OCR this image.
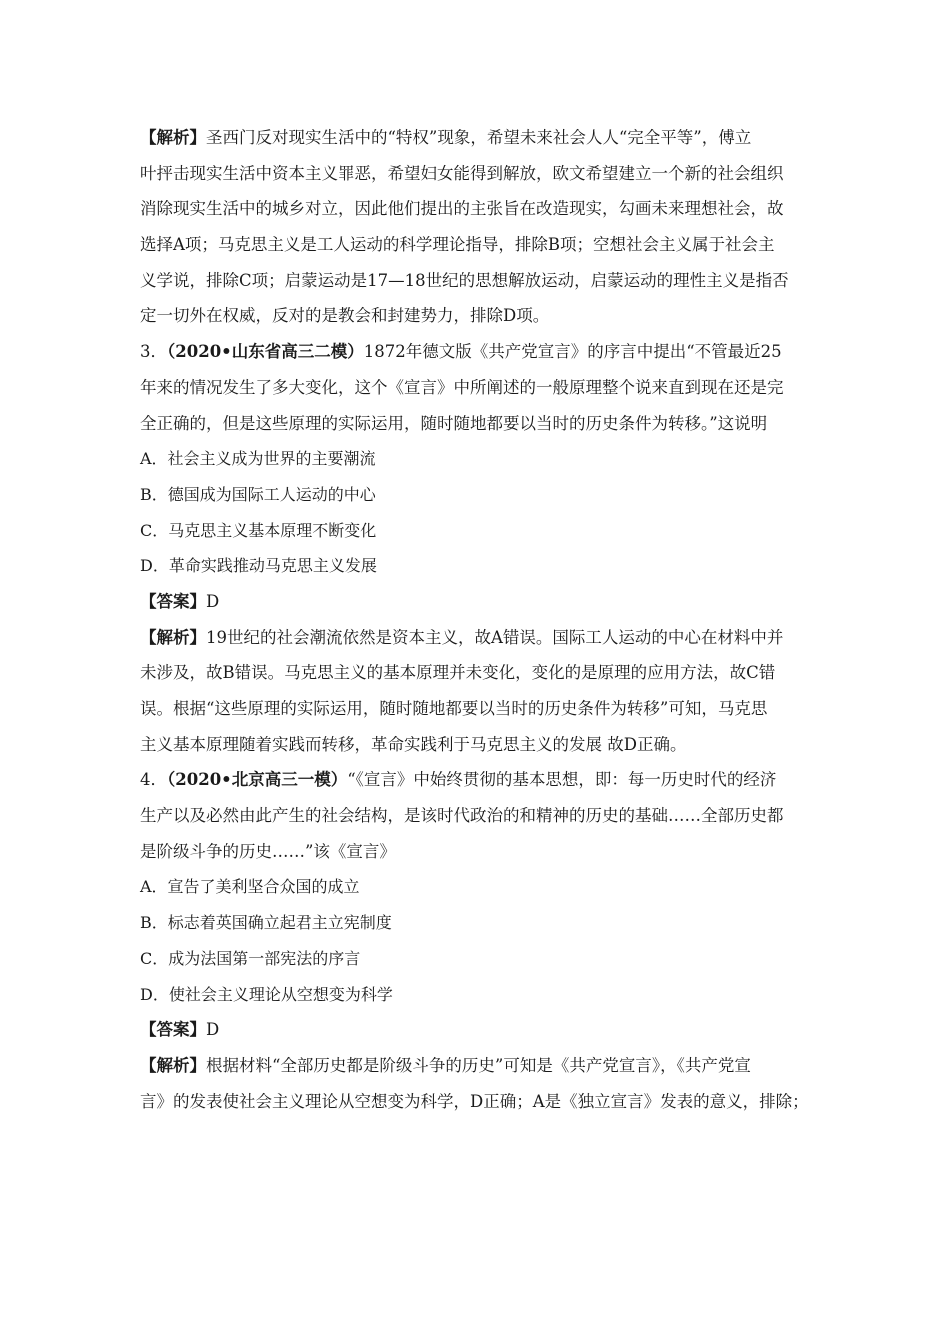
【解析】圣西门反对现实生活中的“特权”现象，希望未来社会人人“完全平等”，傅立
叶抨击现实生活中资本主义罪恶，希望妇女能得到解放，欧文希望建立一个新的社会组织
消除现实生活中的城乡对立，因此他们提出的主张旨在改造现实，勾画未来理想社会，故
选择A项；马克思主义是工人运动的科学理论指导，排除B项；空想社会主义属于社会主
义学说，排除C项；启蒙运动是17—18世纪的思想解放运动，启蒙运动的理性主义是指否
定一切外在权威，反对的是教会和封建势力，排除D项。
3．（2020•山东省高三二模）1872年德文版《共产党宣言》的序言中提出“不管最近25
年来的情况发生了多大变化，这个《宣言》中所阐述的一般原理整个说来直到现在还是完
全正确的，但是这些原理的实际运用，随时随地都要以当时的历史条件为转移。”这说明
A．社会主义成为世界的主要潮流
B．德国成为国际工人运动的中心
C．马克思主义基本原理不断变化
D．革命实践推动马克思主义发展
【答案】D
【解析】19世纪的社会潮流依然是资本主义，故A错误。国际工人运动的中心在材料中并
未涉及，故B错误。马克思主义的基本原理并未变化，变化的是原理的应用方法，故C错
误。根据“这些原理的实际运用，随时随地都要以当时的历史条件为转移”可知，马克思
主义基本原理随着实践而转移，革命实践利于马克思主义的发展 故D正确。
4．（2020•北京高三一模）“《宣言》中始终贯彻的基本思想，即：每一历史时代的经济
生产以及必然由此产生的社会结构，是该时代政治的和精神的历史的基础……全部历史都
是阶级斗争的历史……”该《宣言》
A．宣告了美利坚合众国的成立
B．标志着英国确立起君主立宪制度
C．成为法国第一部宪法的序言
D．使社会主义理论从空想变为科学
【答案】D
【解析】根据材料“全部历史都是阶级斗争的历史”可知是《共产党宣言》，《共产党宣
言》的发表使社会主义理论从空想变为科学，D正确；A是《独立宣言》发表的意义，排除；
